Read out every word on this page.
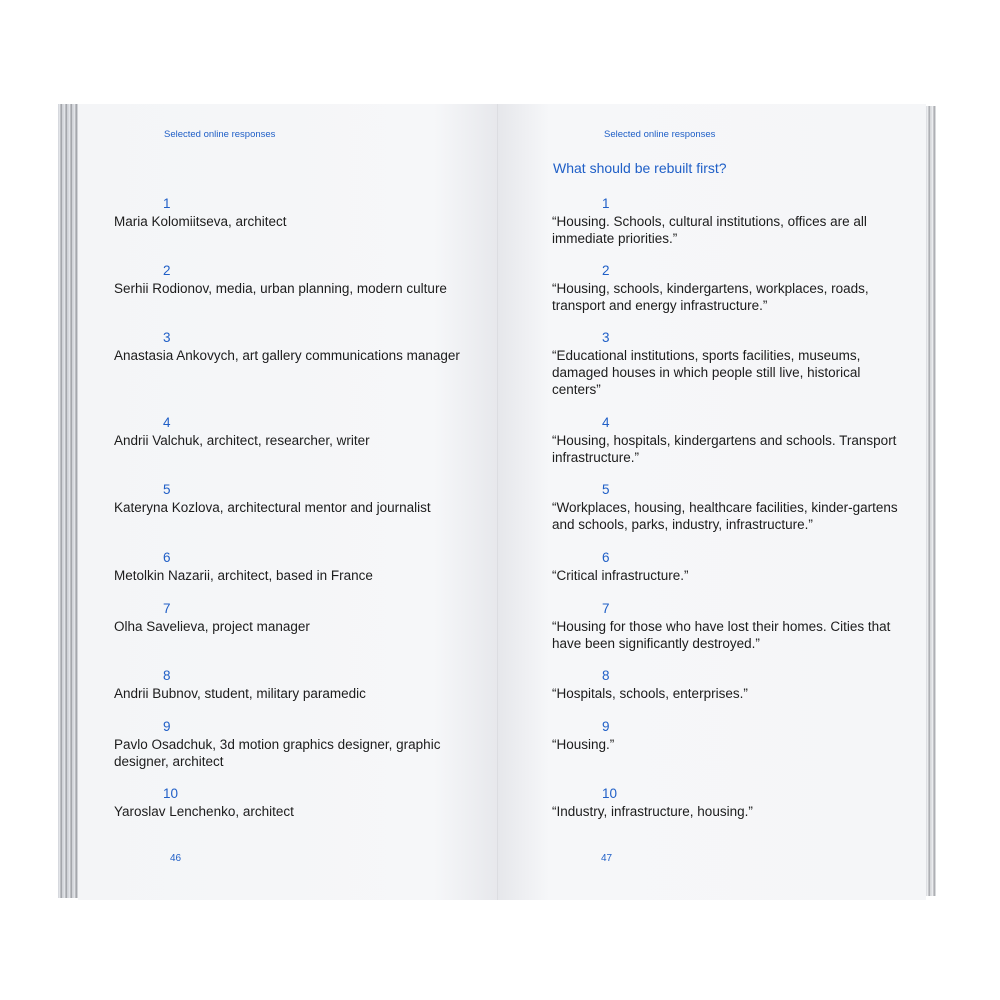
Selected online responses
1
Maria Kolomiitseva, architect
2
Serhii Rodionov, media, urban planning, modern culture
3
Anastasia Ankovych, art gallery communications manager
4
Andrii Valchuk, architect, researcher, writer
5
Kateryna Kozlova, architectural mentor and journalist
6
Metolkin Nazarii, architect, based in France
7
Olha Savelieva, project manager
8
Andrii Bubnov, student, military paramedic
9
Pavlo Osadchuk, 3d motion graphics designer, graphic designer, architect
10
Yaroslav Lenchenko, architect
46
Selected online responses
What should be rebuilt first?
1
“Housing. Schools, cultural institutions, offices are all immediate priorities.”
2
“Housing, schools, kindergartens, workplaces, roads, transport and energy infrastructure.”
3
“Educational institutions, sports facilities, museums, damaged houses in which people still live, historical centers”
4
“Housing, hospitals, kindergartens and schools. Transport infrastructure.”
5
“Workplaces, housing, healthcare facilities, kinder-gartens and schools, parks, industry, infrastructure.”
6
“Critical infrastructure.”
7
“Housing for those who have lost their homes. Cities that have been significantly destroyed.”
8
“Hospitals, schools, enterprises.”
9
“Housing.”
10
“Industry, infrastructure, housing.”
47
